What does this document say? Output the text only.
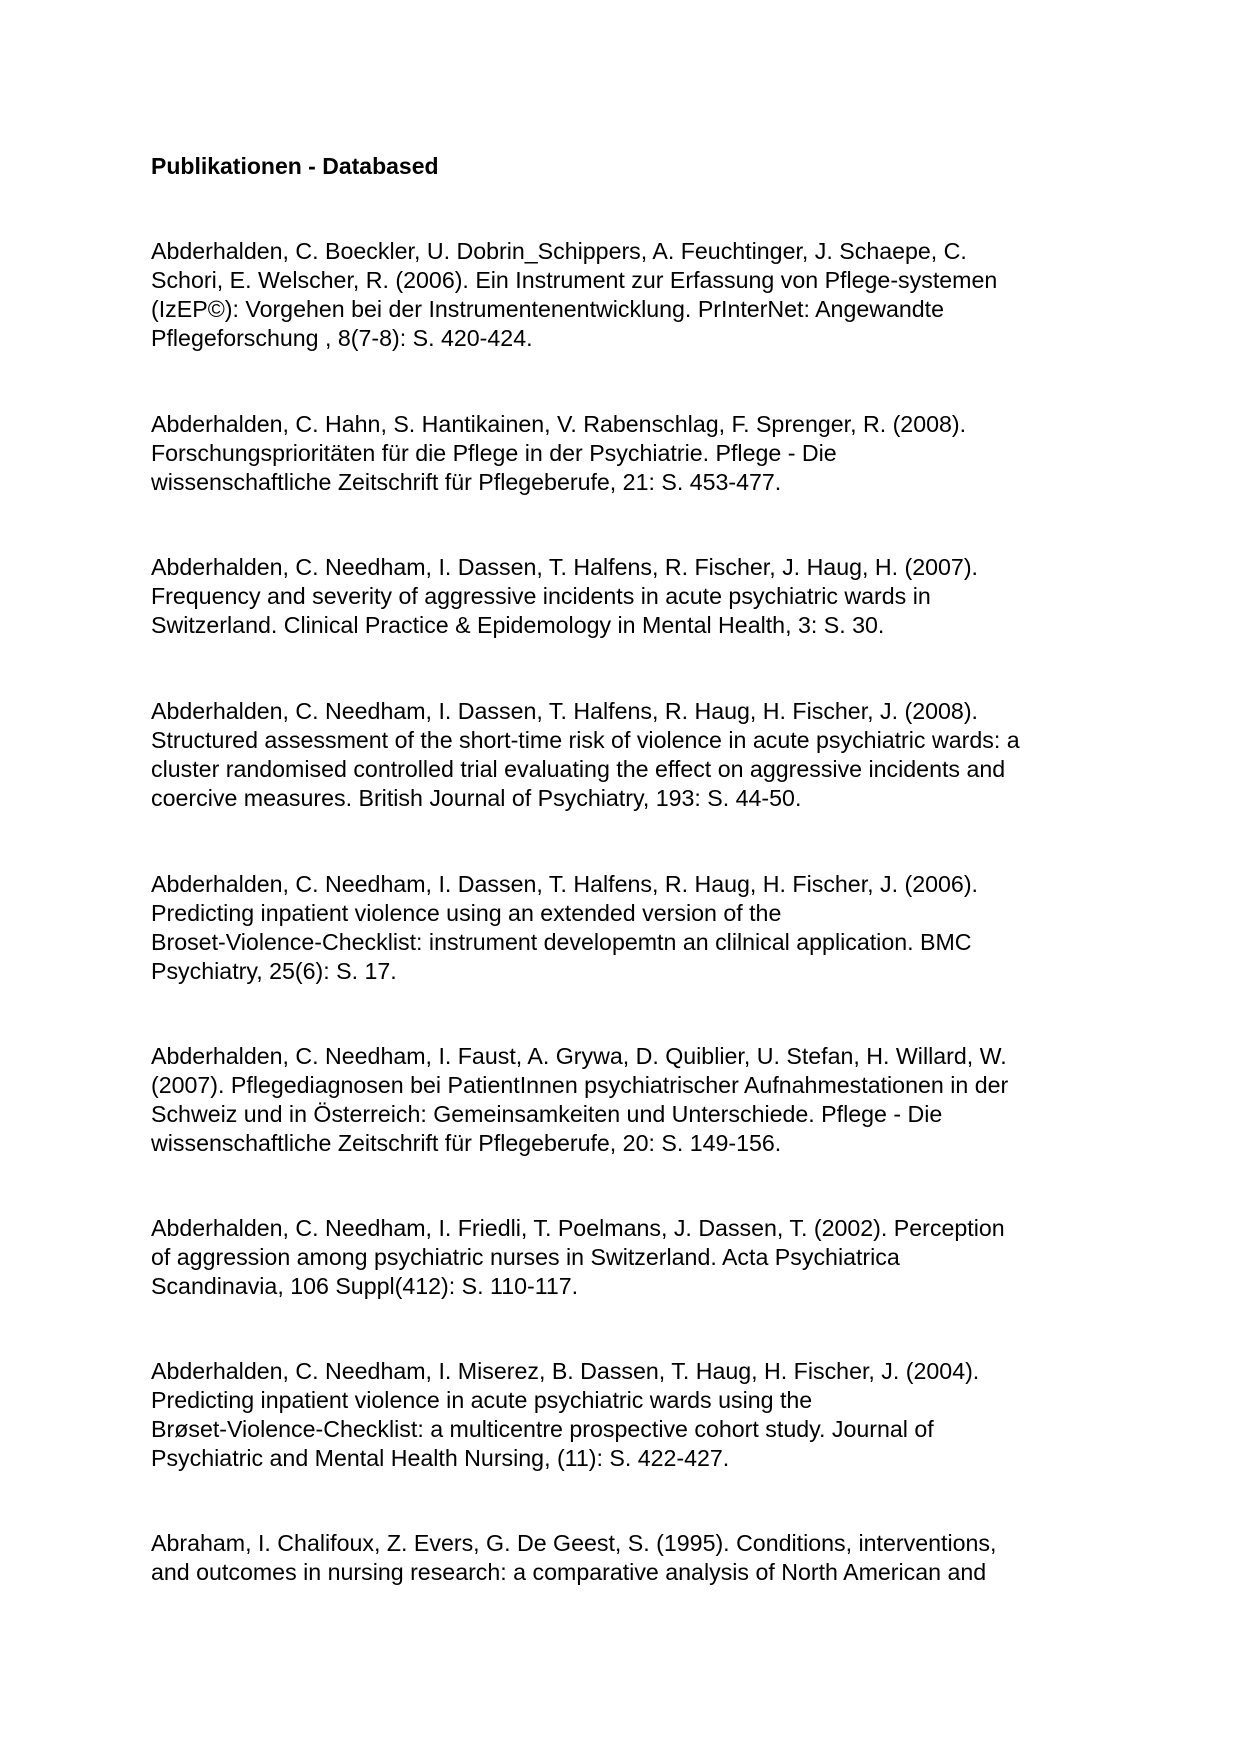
Publikationen - Databased

Abderhalden, C. Boeckler, U. Dobrin_Schippers, A. Feuchtinger, J. Schaepe, C.
Schori, E. Welscher, R. (2006). Ein Instrument zur Erfassung von Pflege-systemen
(IzEP©): Vorgehen bei der Instrumentenentwicklung. PrInterNet: Angewandte
Pflegeforschung , 8(7-8): S. 420-424.

Abderhalden, C. Hahn, S. Hantikainen, V. Rabenschlag, F. Sprenger, R. (2008).
Forschungsprioritäten für die Pflege in der Psychiatrie. Pflege - Die
wissenschaftliche Zeitschrift für Pflegeberufe, 21: S. 453-477.

Abderhalden, C. Needham, I. Dassen, T. Halfens, R. Fischer, J. Haug, H. (2007).
Frequency and severity of aggressive incidents in acute psychiatric wards in
Switzerland. Clinical Practice & Epidemology in Mental Health, 3: S. 30.

Abderhalden, C. Needham, I. Dassen, T. Halfens, R. Haug, H. Fischer, J. (2008).
Structured assessment of the short-time risk of violence in acute psychiatric wards: a
cluster randomised controlled trial evaluating the effect on aggressive incidents and
coercive measures. British Journal of Psychiatry, 193: S. 44-50.

Abderhalden, C. Needham, I. Dassen, T. Halfens, R. Haug, H. Fischer, J. (2006).
Predicting inpatient violence using an extended version of the
Broset-Violence-Checklist: instrument developemtn an clilnical application. BMC
Psychiatry, 25(6): S. 17.

Abderhalden, C. Needham, I. Faust, A. Grywa, D. Quiblier, U. Stefan, H. Willard, W.
(2007). Pflegediagnosen bei PatientInnen psychiatrischer Aufnahmestationen in der
Schweiz und in Österreich: Gemeinsamkeiten und Unterschiede. Pflege - Die
wissenschaftliche Zeitschrift für Pflegeberufe, 20: S. 149-156.

Abderhalden, C. Needham, I. Friedli, T. Poelmans, J. Dassen, T. (2002). Perception
of aggression among psychiatric nurses in Switzerland. Acta Psychiatrica
Scandinavia, 106 Suppl(412): S. 110-117.

Abderhalden, C. Needham, I. Miserez, B. Dassen, T. Haug, H. Fischer, J. (2004).
Predicting inpatient violence in acute psychiatric wards using the
Brøset-Violence-Checklist: a multicentre prospective cohort study. Journal of
Psychiatric and Mental Health Nursing, (11): S. 422-427.

Abraham, I. Chalifoux, Z. Evers, G. De Geest, S. (1995). Conditions, interventions,
and outcomes in nursing research: a comparative analysis of North American and
